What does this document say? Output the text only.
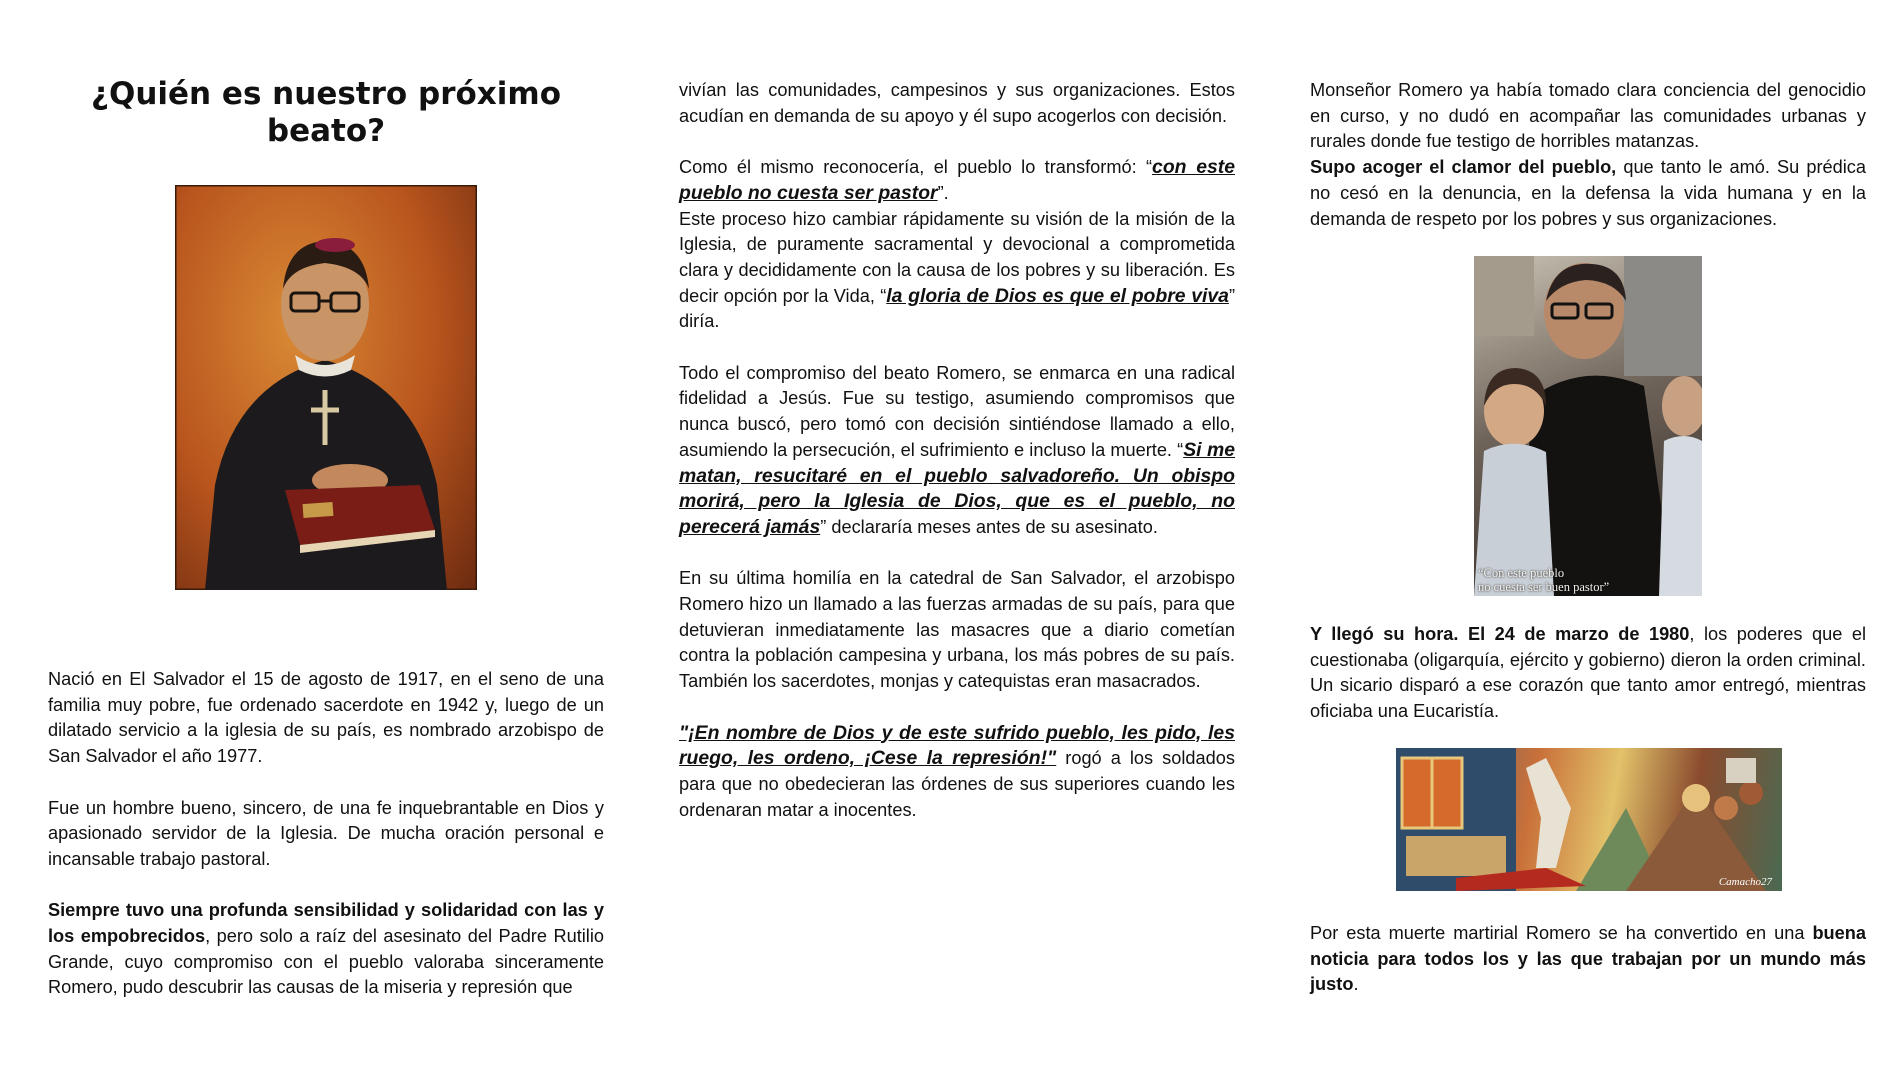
¿Quién es nuestro próximo beato?

Nació en El Salvador el 15 de agosto de 1917, en el seno de una familia muy pobre, fue ordenado sacerdote en 1942 y, luego de un dilatado servicio a la iglesia de su país, es nombrado arzobispo de San Salvador el año 1977.

Fue un hombre bueno, sincero, de una fe inquebrantable en Dios y apasionado servidor de la Iglesia. De mucha oración personal e incansable trabajo pastoral.

Siempre tuvo una profunda sensibilidad y solidaridad con las y los empobrecidos, pero solo a raíz del asesinato del Padre Rutilio Grande, cuyo compromiso con el pueblo valoraba sinceramente Romero, pudo descubrir las causas de la miseria y represión que

vivían las comunidades, campesinos y sus organizaciones. Estos acudían en demanda de su apoyo y él supo acogerlos con decisión.

Como él mismo reconocería, el pueblo lo transformó: “con este pueblo no cuesta ser pastor”.

Este proceso hizo cambiar rápidamente su visión de la misión de la Iglesia, de puramente sacramental y devocional a comprometida clara y decididamente con la causa de los pobres y su liberación. Es decir opción por la Vida, “la gloria de Dios es que el pobre viva” diría.

Todo el compromiso del beato Romero, se enmarca en una radical fidelidad a Jesús. Fue su testigo, asumiendo compromisos que nunca buscó, pero tomó con decisión sintiéndose llamado a ello, asumiendo la persecución, el sufrimiento e incluso la muerte. “Si me matan, resucitaré en el pueblo salvadoreño. Un obispo morirá, pero la Iglesia de Dios, que es el pueblo, no perecerá jamás” declararía meses antes de su asesinato.

En su última homilía en la catedral de San Salvador, el arzobispo Romero hizo un llamado a las fuerzas armadas de su país, para que detuvieran inmediatamente las masacres que a diario cometían contra la población campesina y urbana, los más pobres de su país. También los sacerdotes, monjas y catequistas eran masacrados.

"¡En nombre de Dios y de este sufrido pueblo, les pido, les ruego, les ordeno, ¡Cese la represión!" rogó a los soldados para que no obedecieran las órdenes de sus superiores cuando les ordenaran matar a inocentes.

Monseñor Romero ya había tomado clara conciencia del genocidio en curso, y no dudó en acompañar las comunidades urbanas y rurales donde fue testigo de horribles matanzas.

Supo acoger el clamor del pueblo, que tanto le amó. Su prédica no cesó en la denuncia, en la defensa la vida humana y en la demanda de respeto por los pobres y sus organizaciones.

“Con este pueblo
no cuesta ser buen pastor”

Y llegó su hora. El 24 de marzo de 1980, los poderes que el cuestionaba (oligarquía, ejército y gobierno) dieron la orden criminal. Un sicario disparó a ese corazón que tanto amor entregó, mientras oficiaba una Eucaristía.

Camacho27

Por esta muerte martirial Romero se ha convertido en una buena noticia para todos los y las que trabajan por un mundo más justo.
